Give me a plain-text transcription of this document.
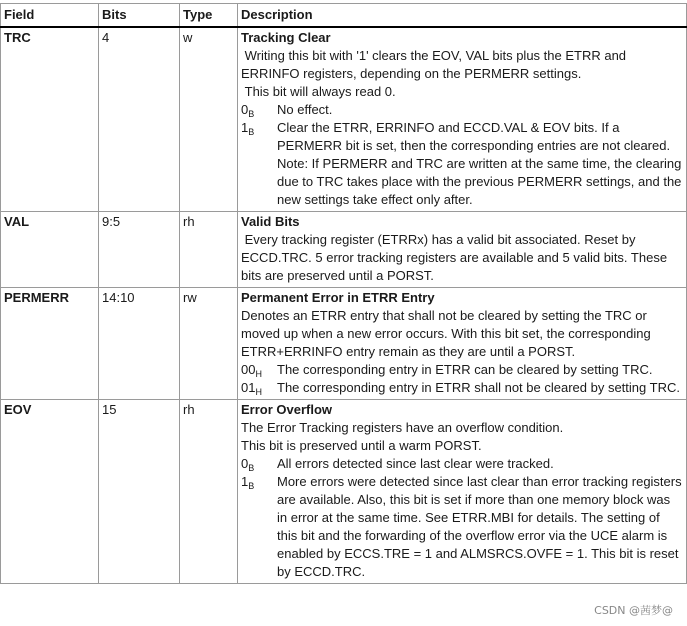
Field	Bits	Type	Description
TRC	4	w	Tracking Clear
Writing this bit with '1' clears the EOV, VAL bits plus the ETRR and ERRINFO registers, depending on the PERMERR settings.
This bit will always read 0.
$0_B$ No effect.
$1_B$ Clear the ETRR, ERRINFO and ECCD.VAL & EOV bits. If a PERMERR bit is set, then the corresponding entries are not cleared. Note: If PERMERR and TRC are written at the same time, the clearing due to TRC takes place with the previous PERMERR settings, and the new settings take effect only after.

VAL	9:5	rh	Valid Bits
Every tracking register (ETRRx) has a valid bit associated. Reset by ECCD.TRC. 5 error tracking registers are available and 5 valid bits. These bits are preserved until a PORST.

PERMERR	14:10	rw	Permanent Error in ETRR Entry
Denotes an ETRR entry that shall not be cleared by setting the TRC or moved up when a new error occurs. With this bit set, the corresponding ETRR+ERRINFO entry remain as they are until a PORST.
$00_H$ The corresponding entry in ETRR can be cleared by setting TRC.
$01_H$ The corresponding entry in ETRR shall not be cleared by setting TRC.

EOV	15	rh	Error Overflow
The Error Tracking registers have an overflow condition.
This bit is preserved until a warm PORST.
$0_B$ All errors detected since last clear were tracked.
$1_B$ More errors were detected since last clear than error tracking registers are available. Also, this bit is set if more than one memory block was in error at the same time. See ETRR.MBI for details. The setting of this bit and the forwarding of the overflow error via the UCE alarm is enabled by ECCS.TRE = 1 and ALMSRCS.OVFE = 1. This bit is reset by ECCD.TRC.
CSDN @茜梦@
